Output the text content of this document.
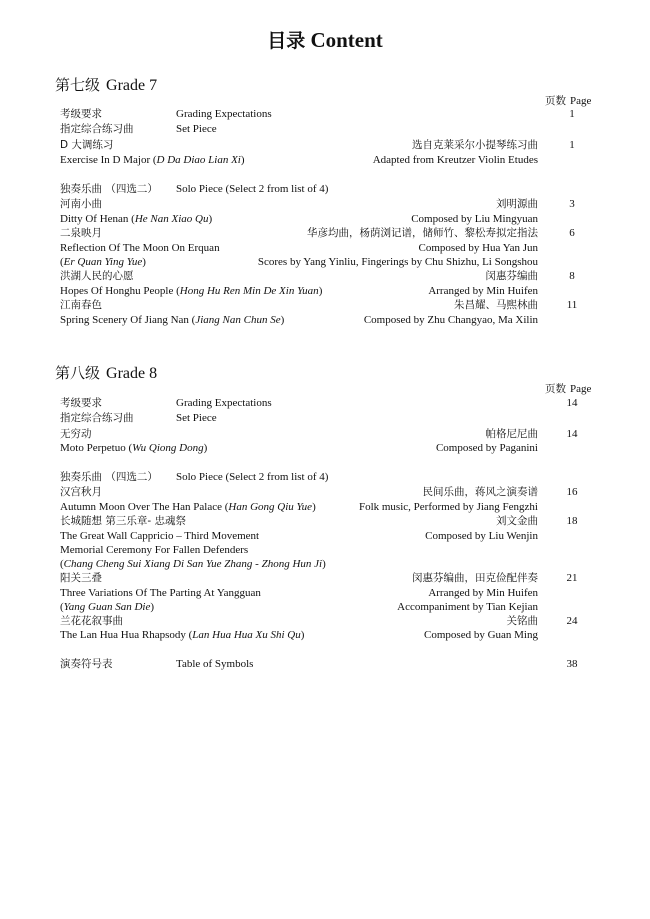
目录 Content
第七级 Grade 7
页数 Page
考级要求	Grading Expectations	1
指定综合练习曲	Set Piece
D 大调练习	选自克莱采尔小提琴练习曲	1
Exercise In D Major (D Da Diao Lian Xi)	Adapted from Kreutzer Violin Etudes
独奏乐曲 （四选二） Solo Piece (Select 2 from list of 4)
河南小曲	刘明源曲	3
Ditty Of Henan (He Nan Xiao Qu)	Composed by Liu Mingyuan
二泉映月	华彦均曲，杨荫浏记谱，储师竹、黎松寿拟定指法	6
Reflection Of The Moon On Erquan	Composed by Hua Yan Jun
(Er Quan Ying Yue)	Scores by Yang Yinliu, Fingerings by Chu Shizhu, Li Songshou
洪湖人民的心愿	闵惠芬编曲	8
Hopes Of Honghu People (Hong Hu Ren Min De Xin Yuan)	Arranged by Min Huifen
江南春色	朱昌耀、马熙林曲	11
Spring Scenery Of Jiang Nan (Jiang Nan Chun Se)	Composed by Zhu Changyao, Ma Xilin
第八级 Grade 8
页数 Page
考级要求	Grading Expectations	14
指定综合练习曲	Set Piece
无穷动	帕格尼尼曲	14
Moto Perpetuo (Wu Qiong Dong)	Composed by Paganini
独奏乐曲 （四选二） Solo Piece (Select 2 from list of 4)
汉宫秋月	民间乐曲，蒋风之演奏谱	16
Autumn Moon Over The Han Palace (Han Gong Qiu Yue)	Folk music, Performed by Jiang Fengzhi
长城随想 第三乐章- 忠魂祭	刘文金曲	18
The Great Wall Cappricio – Third Movement	Composed by Liu Wenjin
Memorial Ceremony For Fallen Defenders
(Chang Cheng Sui Xiang Di San Yue Zhang - Zhong Hun Ji)
阳关三叠	闵惠芬编曲，田克俭配伴奏	21
Three Variations Of The Parting At Yangguan	Arranged by Min Huifen
(Yang Guan San Die)	Accompaniment by Tian Kejian
兰花花叙事曲	关铭曲	24
The Lan Hua Hua Rhapsody (Lan Hua Hua Xu Shi Qu)	Composed by Guan Ming
演奏符号表	Table of Symbols	38
